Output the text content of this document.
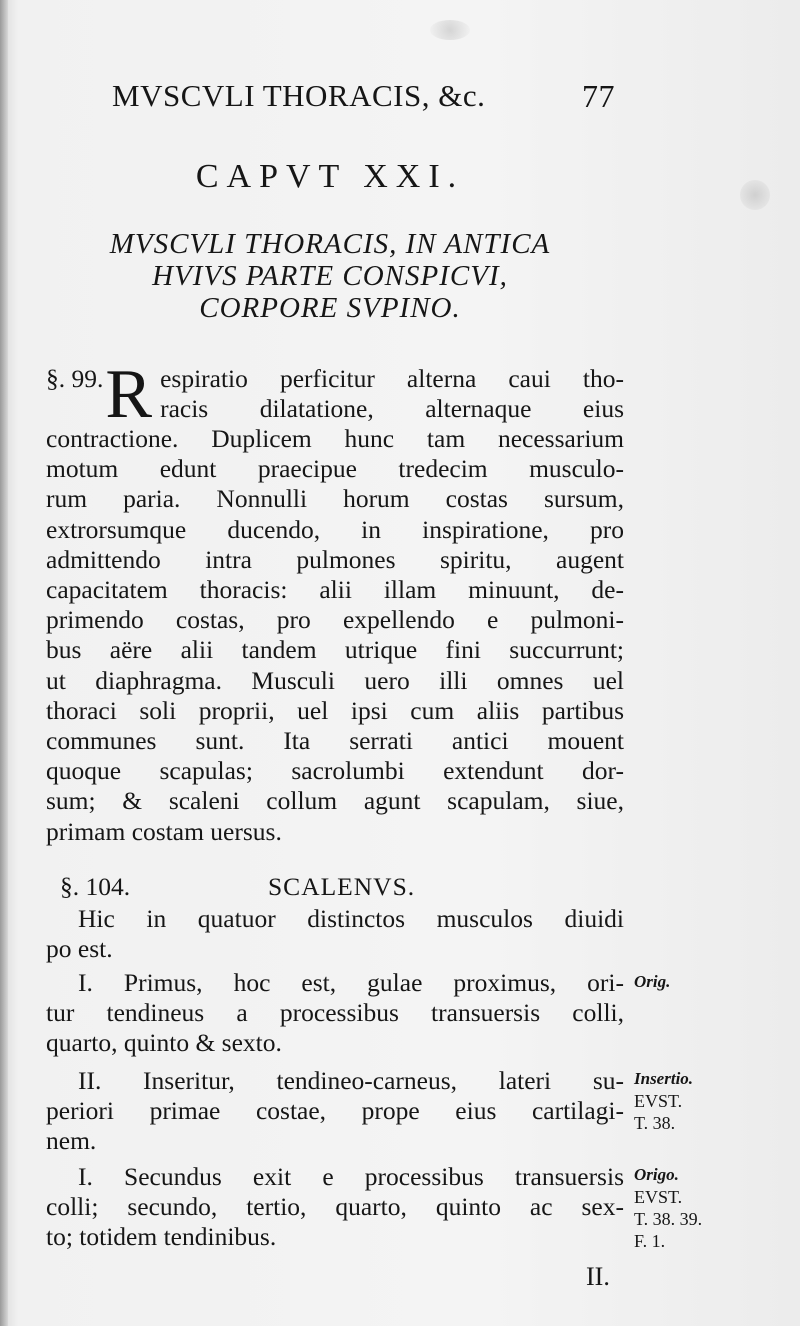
MVSCVLI THORACIS, &c.	77
CAPVT XXI.
MVSCVLI THORACIS, IN ANTICA
HVIVS PARTE CONSPICVI,
CORPORE SVPINO.
§. 99. R espiratio perficitur alterna caui tho-
racis dilatatione, alternaque eius
contractione. Duplicem hunc tam necessarium
motum edunt praecipue tredecim musculo-
rum paria. Nonnulli horum costas sursum,
extrorsumque ducendo, in inspiratione, pro
admittendo intra pulmones spiritu, augent
capacitatem thoracis: alii illam minuunt, de-
primendo costas, pro expellendo e pulmoni-
bus aëre alii tandem utrique fini succurrunt;
ut diaphragma. Musculi uero illi omnes uel
thoraci soli proprii, uel ipsi cum aliis partibus
communes sunt. Ita serrati antici mouent
quoque scapulas; sacrolumbi extendunt dor-
sum; & scaleni collum agunt scapulam, siue,
primam costam uersus.
§. 104.	SCALENVS.
Hic in quatuor distinctos musculos diuidi
po est.
I. Primus, hoc est, gulae proximus, ori-
tur tendineus a processibus transuersis colli,
quarto, quinto & sexto.
II. Inseritur, tendineo-carneus, lateri su-
periori primae costae, prope eius cartilagi-
nem.
I. Secundus exit e processibus transuersis
colli; secundo, tertio, quarto, quinto ac sex-
to; totidem tendinibus.
Orig.
Insertio.
EVST.
T. 38.
Origo.
EVST.
T. 38. 39.
F. 1.
II.
